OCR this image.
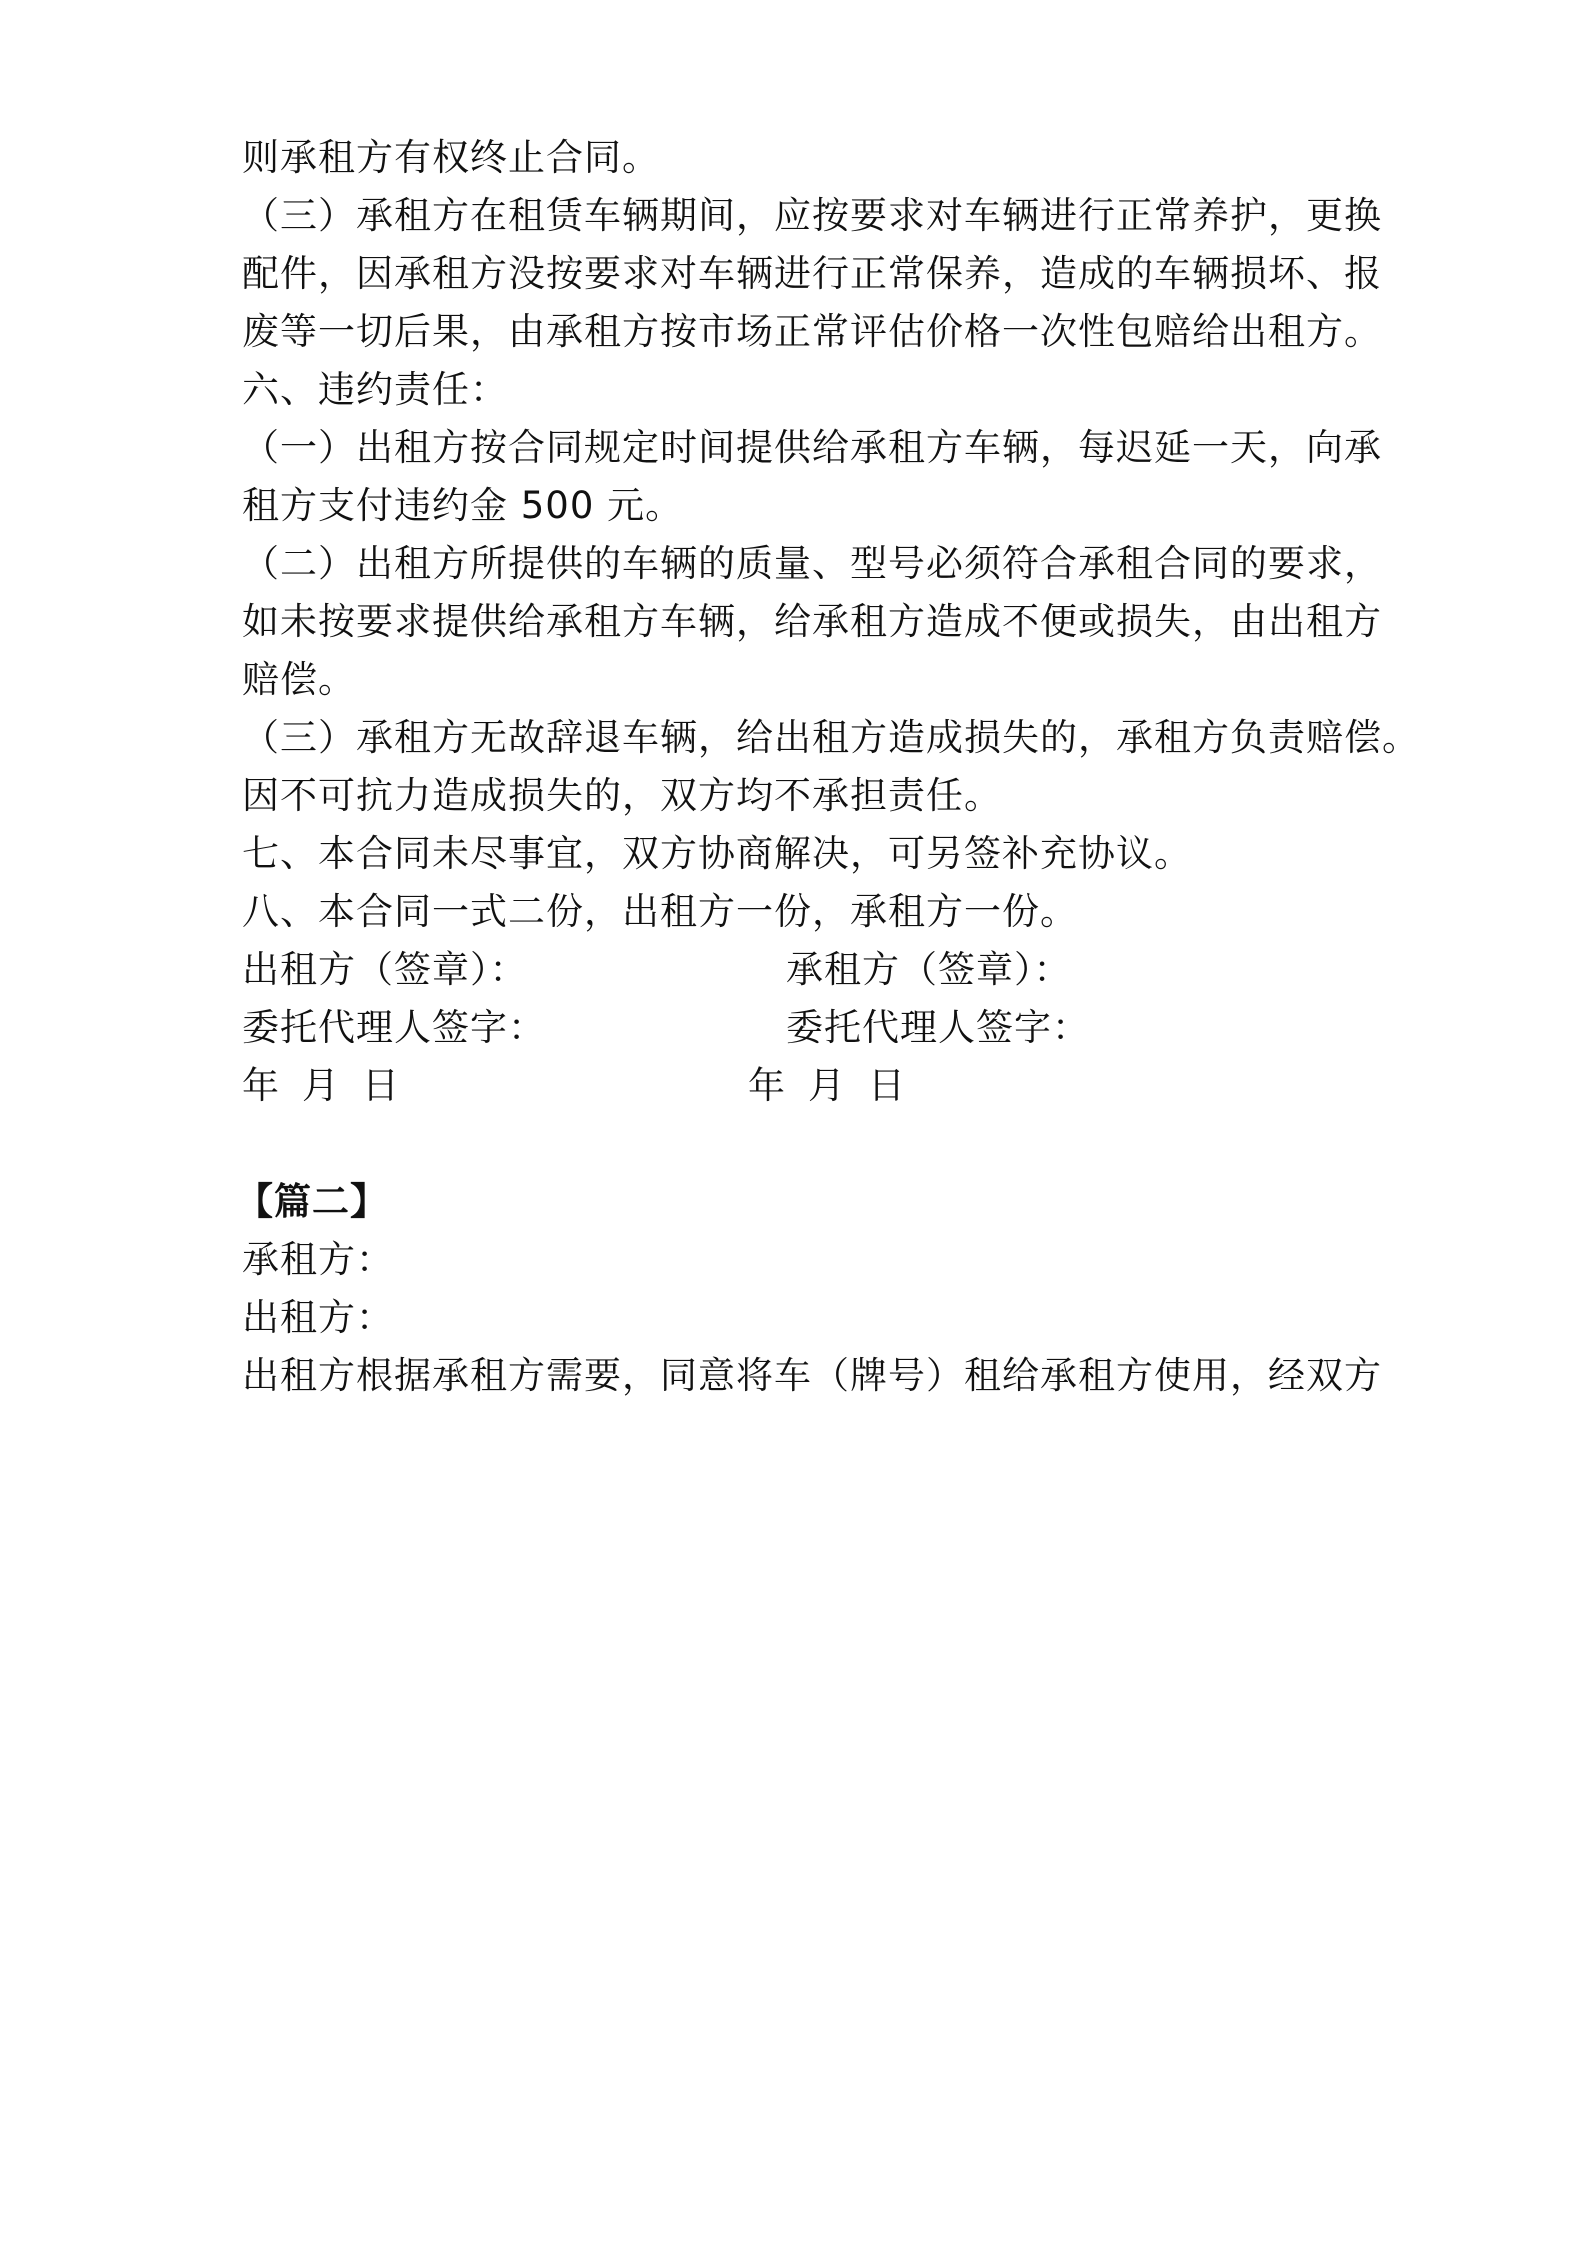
则承租方有权终止合同。
（三）承租方在租赁车辆期间，应按要求对车辆进行正常养护，更换
配件，因承租方没按要求对车辆进行正常保养，造成的车辆损坏、报
废等一切后果，由承租方按市场正常评估价格一次性包赔给出租方。
六、违约责任：
（一）出租方按合同规定时间提供给承租方车辆，每迟延一天，向承
租方支付违约金 500 元。
（二）出租方所提供的车辆的质量、型号必须符合承租合同的要求，
如未按要求提供给承租方车辆，给承租方造成不便或损失，由出租方
赔偿。
（三）承租方无故辞退车辆，给出租方造成损失的，承租方负责赔偿。
因不可抗力造成损失的，双方均不承担责任。
七、本合同未尽事宜，双方协商解决，可另签补充协议。
八、本合同一式二份，出租方一份，承租方一份。
出租方（签章）：	承租方（签章）：
委托代理人签字：	委托代理人签字：
年 月 日	年 月 日
【篇二】
承租方：
出租方：
出租方根据承租方需要，同意将车（牌号）租给承租方使用，经双方
